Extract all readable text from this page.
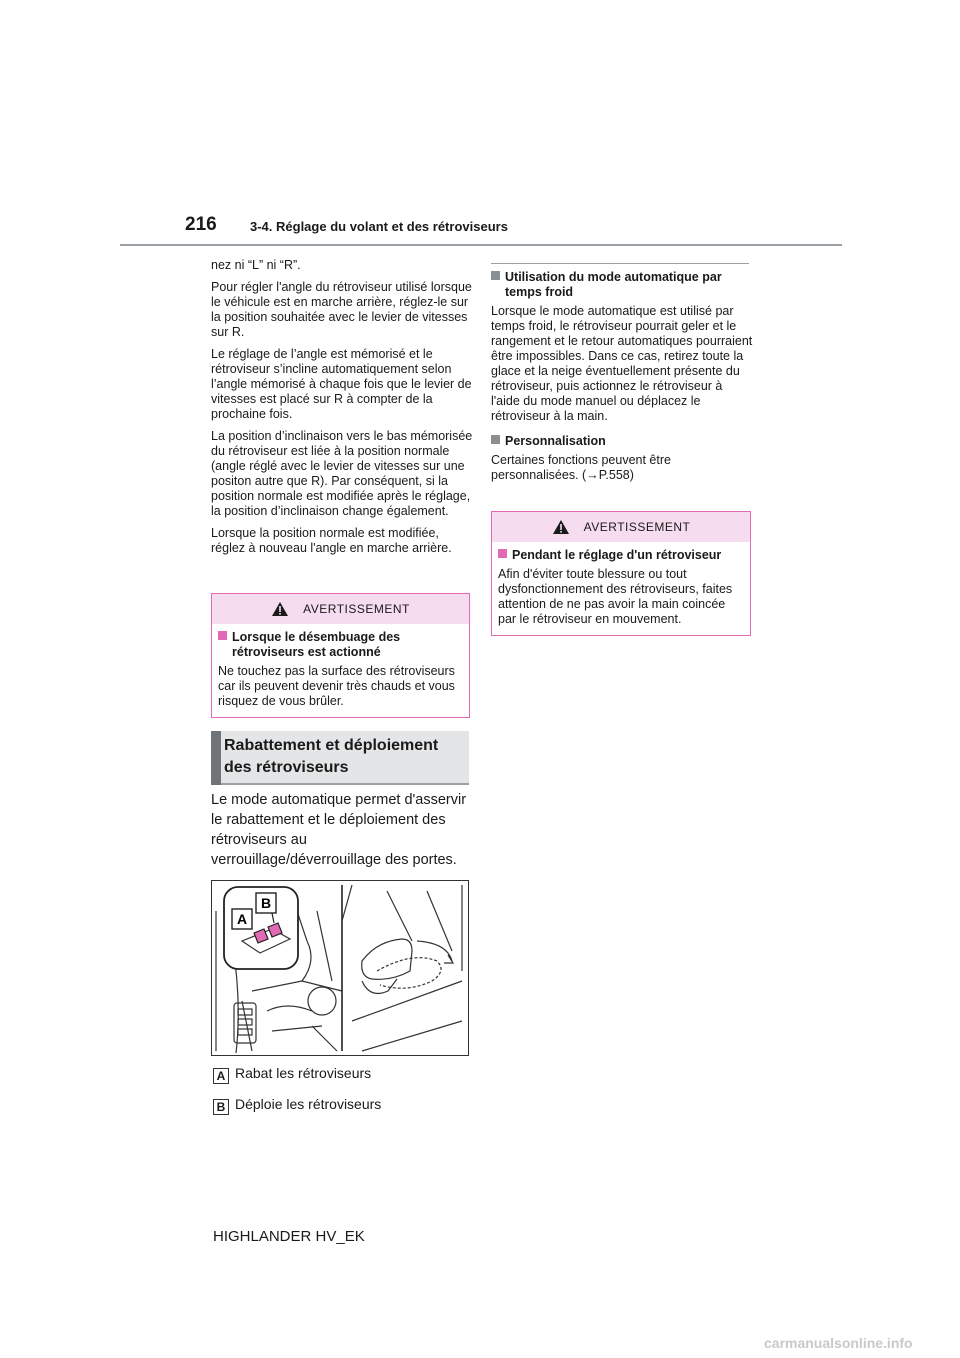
216	3-4. Réglage du volant et des rétroviseurs

nez ni “L” ni “R”.

Pour régler l'angle du rétroviseur utilisé lorsque le véhicule est en marche arrière, réglez-le sur la position souhaitée avec le levier de vitesses sur R.

Le réglage de l’angle est mémorisé et le rétroviseur s’incline automatiquement selon l’angle mémorisé à chaque fois que le levier de vitesses est placé sur R à compter de la prochaine fois.

La position d’inclinaison vers le bas mémorisée du rétroviseur est liée à la position normale (angle réglé avec le levier de vitesses sur une positon autre que R). Par conséquent, si la position normale est modifiée après le réglage, la position d’inclinaison change également.

Lorsque la position normale est modifiée, réglez à nouveau l'angle en marche arrière.

AVERTISSEMENT
Lorsque le désembuage des rétroviseurs est actionné
Ne touchez pas la surface des rétroviseurs car ils peuvent devenir très chauds et vous risquez de vous brûler.
Rabattement et déploiement des rétroviseurs
Le mode automatique permet d'asservir le rabattement et le déploiement des rétroviseurs au verrouillage/déverrouillage des portes.
A
B
A Rabat les rétroviseurs
B Déploie les rétroviseurs
Utilisation du mode automatique par temps froid

Lorsque le mode automatique est utilisé par temps froid, le rétroviseur pourrait geler et le rangement et le retour automatiques pourraient être impossibles. Dans ce cas, retirez toute la glace et la neige éventuellement présente du rétroviseur, puis actionnez le rétroviseur à l'aide du mode manuel ou déplacez le rétroviseur à la main.

Personnalisation

Certaines fonctions peuvent être personnalisées. (→P.558)

AVERTISSEMENT
Pendant le réglage d'un rétroviseur
Afin d'éviter toute blessure ou tout dysfonctionnement des rétroviseurs, faites attention de ne pas avoir la main coincée par le rétroviseur en mouvement.
HIGHLANDER HV_EK
carmanualsonline.info
